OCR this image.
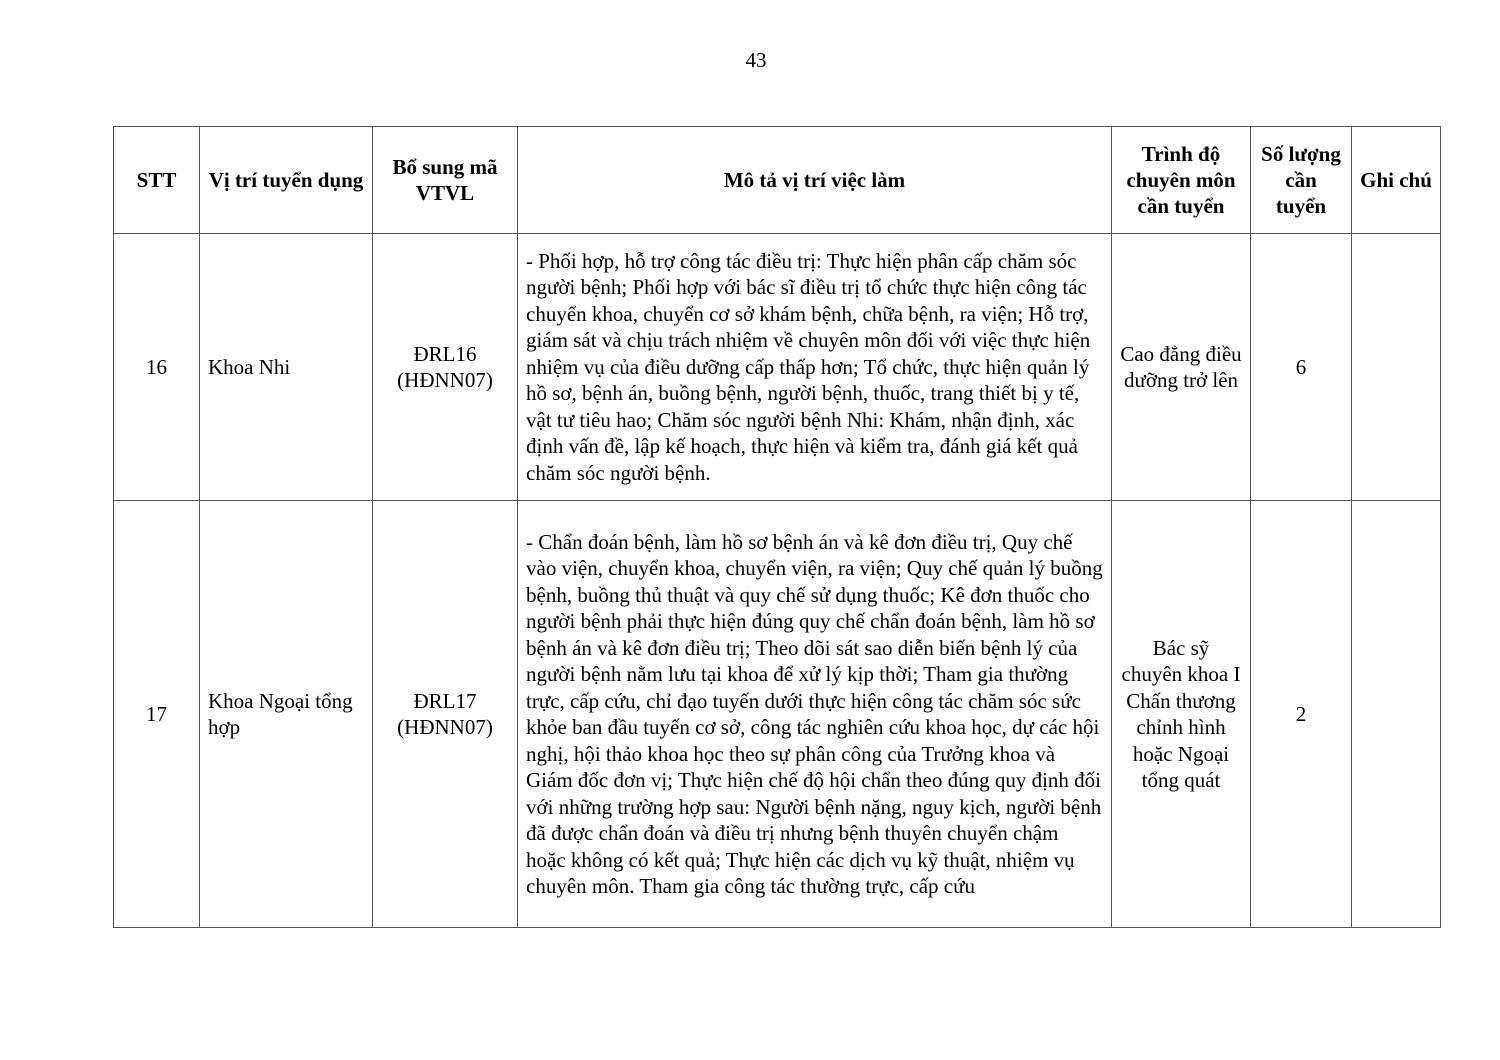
43
STT	Vị trí tuyển dụng	Bổ sung mã VTVL	Mô tả vị trí việc làm	Trình độ chuyên môn cần tuyển	Số lượng cần tuyển	Ghi chú
16	Khoa Nhi	ĐRL16 (HĐNN07)	- Phối hợp, hỗ trợ công tác điều trị: Thực hiện phân cấp chăm sóc người bệnh; Phối hợp với bác sĩ điều trị tổ chức thực hiện công tác chuyển khoa, chuyển cơ sở khám bệnh, chữa bệnh, ra viện; Hỗ trợ, giám sát và chịu trách nhiệm về chuyên môn đối với việc thực hiện nhiệm vụ của điều dưỡng cấp thấp hơn; Tổ chức, thực hiện quản lý hồ sơ, bệnh án, buồng bệnh, người bệnh, thuốc, trang thiết bị y tế, vật tư tiêu hao; Chăm sóc người bệnh Nhi: Khám, nhận định, xác định vấn đề, lập kế hoạch, thực hiện và kiểm tra, đánh giá kết quả chăm sóc người bệnh.	Cao đẳng điều dưỡng trở lên	6	
17	Khoa Ngoại tổng hợp	ĐRL17 (HĐNN07)	- Chẩn đoán bệnh, làm hồ sơ bệnh án và kê đơn điều trị, Quy chế vào viện, chuyển khoa, chuyển viện, ra viện; Quy chế quản lý buồng bệnh, buồng thủ thuật và quy chế sử dụng thuốc; Kê đơn thuốc cho người bệnh phải thực hiện đúng quy chế chẩn đoán bệnh, làm hồ sơ bệnh án và kê đơn điều trị; Theo dõi sát sao diễn biến bệnh lý của người bệnh nằm lưu tại khoa để xử lý kịp thời; Tham gia thường trực, cấp cứu, chỉ đạo tuyến dưới thực hiện công tác chăm sóc sức khỏe ban đầu tuyến cơ sở, công tác nghiên cứu khoa học, dự các hội nghị, hội thảo khoa học theo sự phân công của Trưởng khoa và Giám đốc đơn vị; Thực hiện chế độ hội chẩn theo đúng quy định đối với những trường hợp sau: Người bệnh nặng, nguy kịch, người bệnh đã được chẩn đoán và điều trị nhưng bệnh thuyên chuyển chậm hoặc không có kết quả; Thực hiện các dịch vụ kỹ thuật, nhiệm vụ chuyên môn. Tham gia công tác thường trực, cấp cứu	Bác sỹ chuyên khoa I Chấn thương chỉnh hình hoặc Ngoại tổng quát	2	
